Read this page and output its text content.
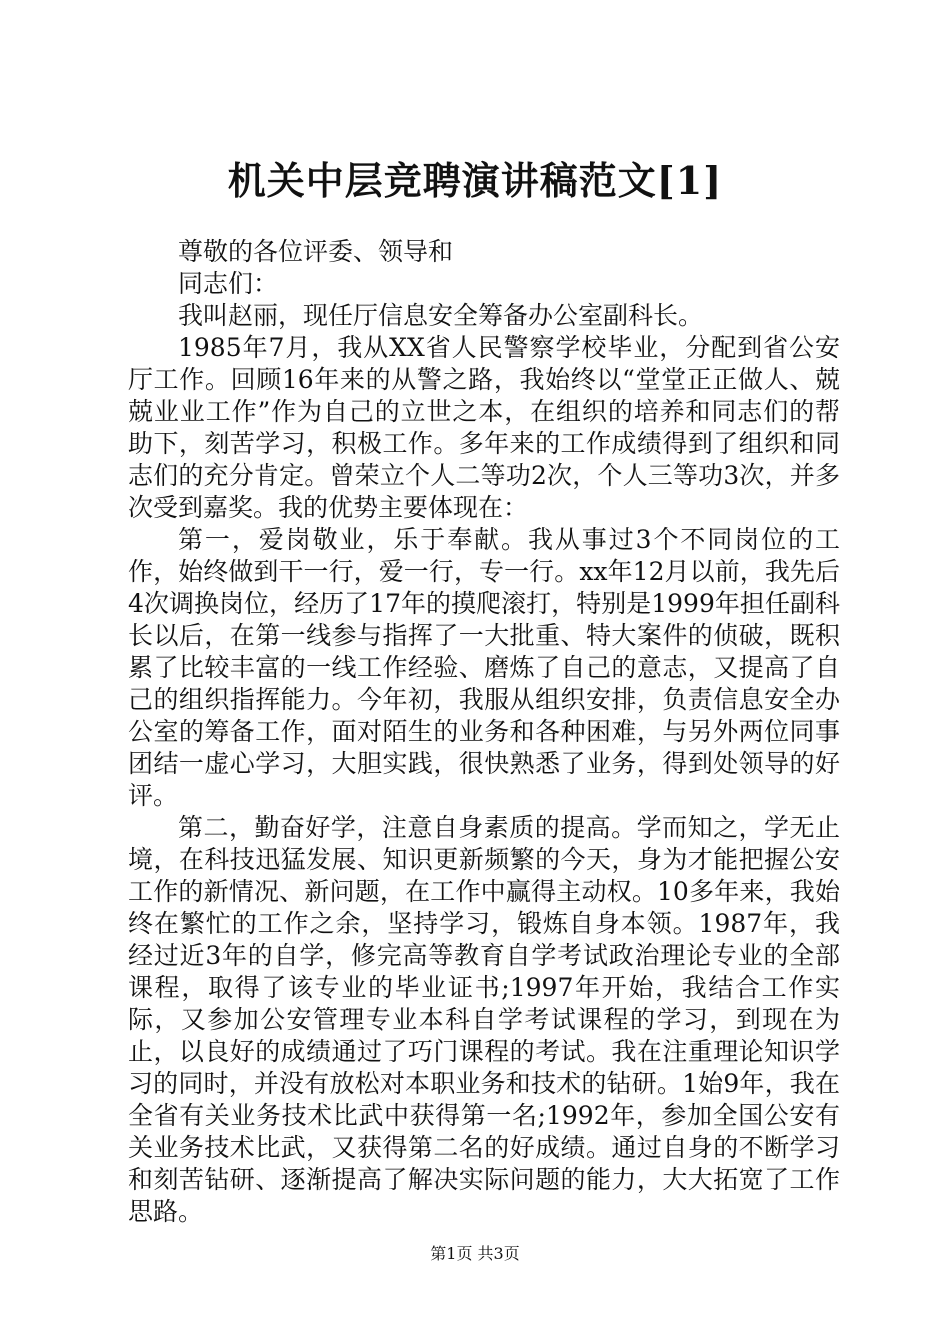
机关中层竞聘演讲稿范文[1]

尊敬的各位评委、领导和

同志们：

我叫赵丽，现任厅信息安全筹备办公室副科长。

1985年7月，我从XX省人民警察学校毕业，分配到省公安厅工作。回顾16年来的从警之路，我始终以“堂堂正正做人、兢兢业业工作”作为自己的立世之本，在组织的培养和同志们的帮助下，刻苦学习，积极工作。多年来的工作成绩得到了组织和同志们的充分肯定。曾荣立个人二等功2次，个人三等功3次，并多次受到嘉奖。我的优势主要体现在：

第一，爱岗敬业，乐于奉献。我从事过3个不同岗位的工作，始终做到干一行，爱一行，专一行。xx年12月以前，我先后4次调换岗位，经历了17年的摸爬滚打，特别是1999年担任副科长以后，在第一线参与指挥了一大批重、特大案件的侦破，既积累了比较丰富的一线工作经验、磨炼了自己的意志，又提高了自己的组织指挥能力。今年初，我服从组织安排，负责信息安全办公室的筹备工作，面对陌生的业务和各种困难，与另外两位同事团结一虚心学习，大胆实践，很快熟悉了业务，得到处领导的好评。

第二，勤奋好学，注意自身素质的提高。学而知之，学无止境，在科技迅猛发展、知识更新频繁的今天，身为才能把握公安工作的新情况、新问题，在工作中赢得主动权。10多年来，我始终在繁忙的工作之余，坚持学习，锻炼自身本领。1987年，我经过近3年的自学，修完高等教育自学考试政治理论专业的全部课程，取得了该专业的毕业证书;1997年开始，我结合工作实际，又参加公安管理专业本科自学考试课程的学习，到现在为止，以良好的成绩通过了巧门课程的考试。我在注重理论知识学习的同时，并没有放松对本职业务和技术的钻研。1始9年，我在全省有关业务技术比武中获得第一名;1992年，参加全国公安有关业务技术比武，又获得第二名的好成绩。通过自身的不断学习和刻苦钻研、逐渐提高了解决实际问题的能力，大大拓宽了工作思路。

第1页 共3页
